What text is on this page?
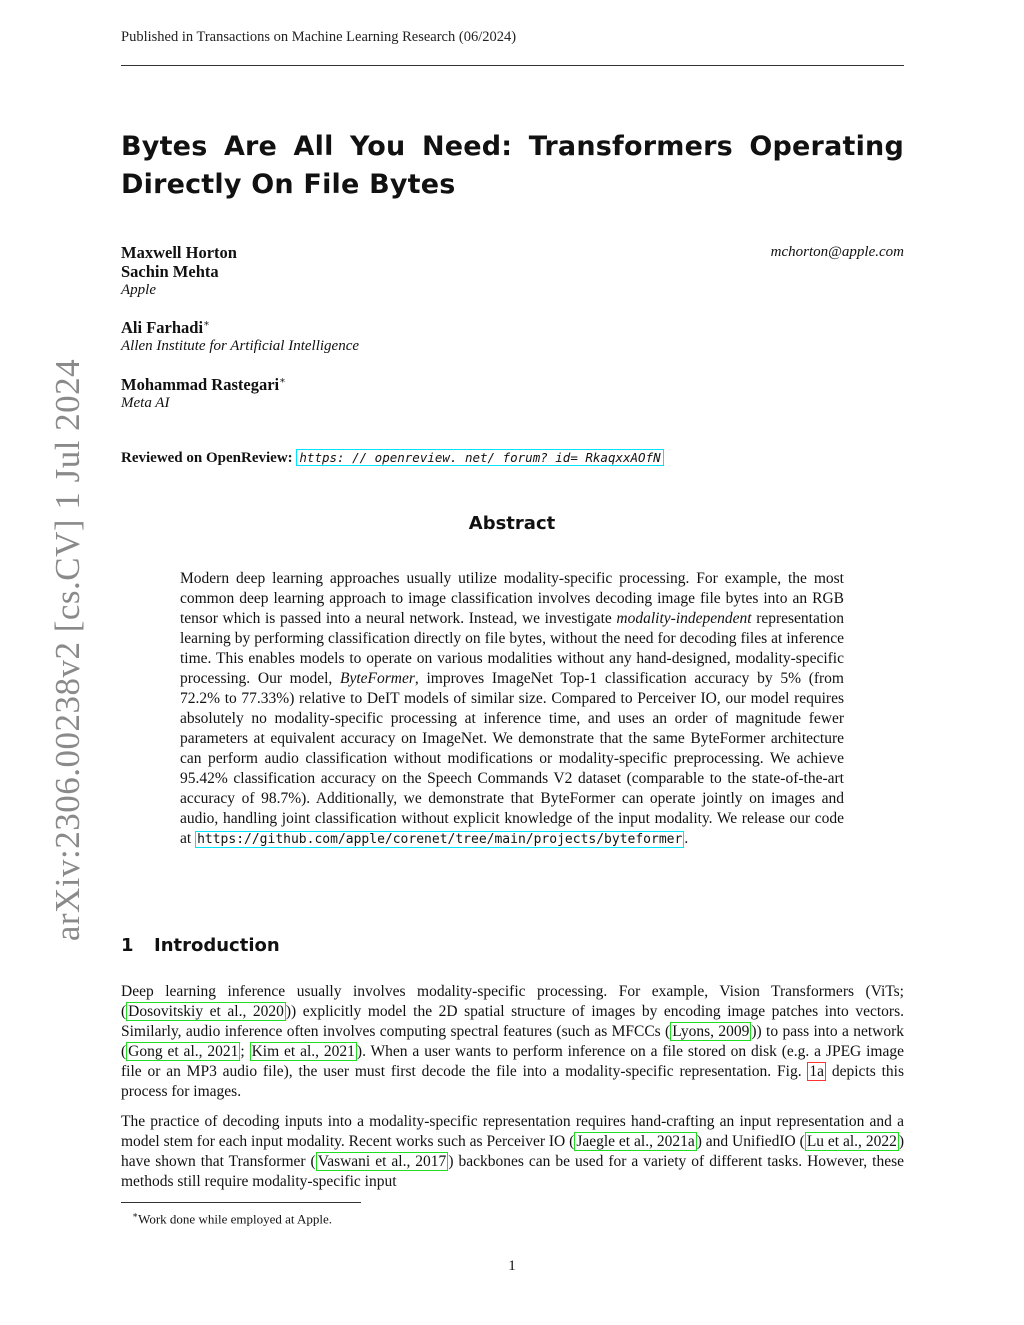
Published in Transactions on Machine Learning Research (06/2024)
arXiv:2306.00238v2 [cs.CV] 1 Jul 2024
Bytes Are All You Need: Transformers Operating Directly On File Bytes
Maxwell Horton	mchorton@apple.com
Sachin Mehta
Apple
Ali Farhadi∗
Allen Institute for Artificial Intelligence
Mohammad Rastegari∗
Meta AI
Reviewed on OpenReview: https: // openreview. net/ forum? id= RkaqxxAOfN
Abstract
Modern deep learning approaches usually utilize modality-specific processing. For example, the most common deep learning approach to image classification involves decoding image file bytes into an RGB tensor which is passed into a neural network. Instead, we investigate modality-independent representation learning by performing classification directly on file bytes, without the need for decoding files at inference time. This enables models to operate on various modalities without any hand-designed, modality-specific processing. Our model, ByteFormer, improves ImageNet Top-1 classification accuracy by 5% (from 72.2% to 77.33%) relative to DeIT models of similar size. Compared to Perceiver IO, our model requires absolutely no modality-specific processing at inference time, and uses an order of magnitude fewer parameters at equivalent accuracy on ImageNet. We demonstrate that the same ByteFormer architecture can perform audio classification without modifications or modality-specific preprocessing. We achieve 95.42% classification accuracy on the Speech Commands V2 dataset (comparable to the state-of-the-art accuracy of 98.7%). Additionally, we demonstrate that ByteFormer can operate jointly on images and audio, handling joint classification without explicit knowledge of the input modality. We release our code at https://github.com/apple/corenet/tree/main/projects/byteformer .
1 Introduction
Deep learning inference usually involves modality-specific processing. For example, Vision Transformers (ViTs; ( Dosovitskiy et al., 2020 )) explicitly model the 2D spatial structure of images by encoding image patches into vectors. Similarly, audio inference often involves computing spectral features (such as MFCCs ( Lyons, 2009 )) to pass into a network ( Gong et al., 2021 ; Kim et al., 2021 ). When a user wants to perform inference on a file stored on disk (e.g. a JPEG image file or an MP3 audio file), the user must first decode the file into a modality-specific representation. Fig. 1a depicts this process for images.
The practice of decoding inputs into a modality-specific representation requires hand-crafting an input representation and a model stem for each input modality. Recent works such as Perceiver IO ( Jaegle et al., 2021a ) and UnifiedIO ( Lu et al., 2022 ) have shown that Transformer ( Vaswani et al., 2017 ) backbones can be used for a variety of different tasks. However, these methods still require modality-specific input
∗Work done while employed at Apple.
1
